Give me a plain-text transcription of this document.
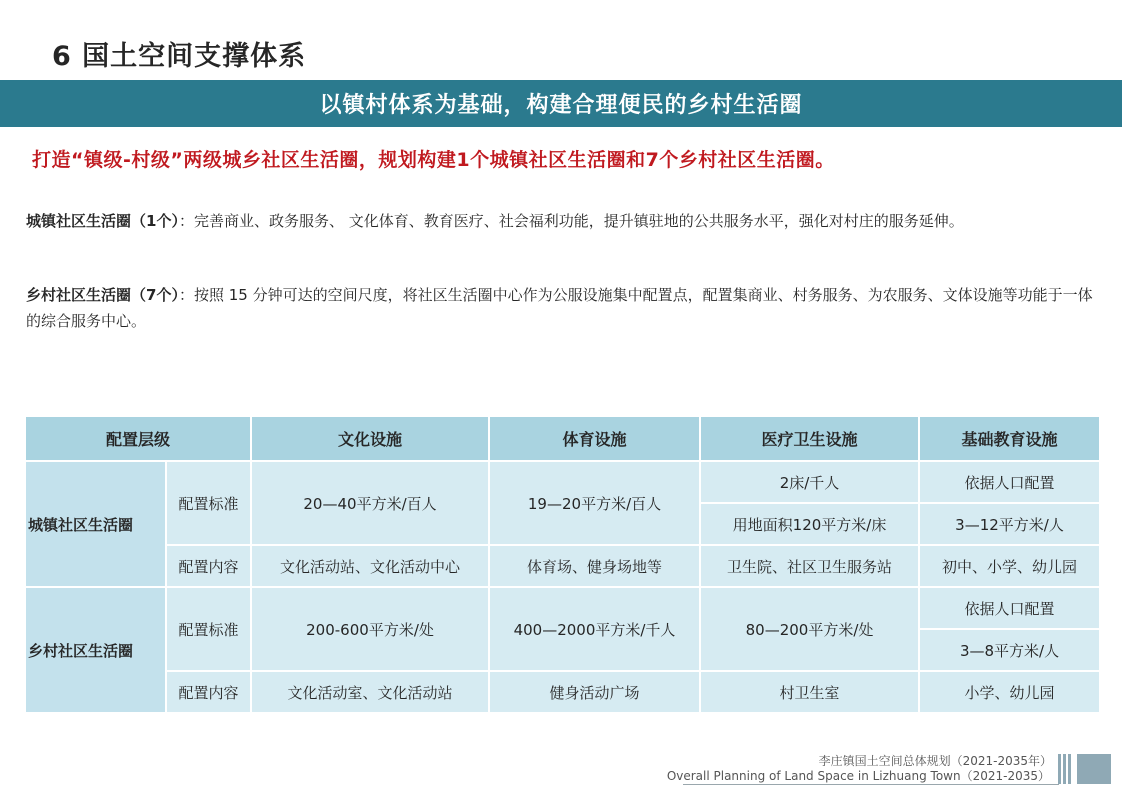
6 国土空间支撑体系
以镇村体系为基础，构建合理便民的乡村生活圈
打造“镇级-村级”两级城乡社区生活圈，规划构建1个城镇社区生活圈和7个乡村社区生活圈。
城镇社区生活圈（1个）：完善商业、政务服务、 文化体育、教育医疗、社会福利功能，提升镇驻地的公共服务水平，强化对村庄的服务延伸。
乡村社区生活圈（7个）：按照 15 分钟可达的空间尺度，将社区生活圈中心作为公服设施集中配置点，配置集商业、村务服务、为农服务、文体设施等功能于一体的综合服务中心。
配置层级		文化设施	体育设施	医疗卫生设施	基础教育设施
城镇社区生活圈	配置标准	20—40平方米/百人	19—20平方米/百人	2床/千人	依据人口配置
				用地面积120平方米/床	3—12平方米/人
	配置内容	文化活动站、文化活动中心	体育场、健身场地等	卫生院、社区卫生服务站	初中、小学、幼儿园
乡村社区生活圈	配置标准	200-600平方米/处	400—2000平方米/千人	80—200平方米/处	依据人口配置
					3—8平方米/人
	配置内容	文化活动室、文化活动站	健身活动广场	村卫生室	小学、幼儿园
李庄镇国土空间总体规划（2021-2035年）
Overall Planning of Land Space in Lizhuang Town（2021-2035）
